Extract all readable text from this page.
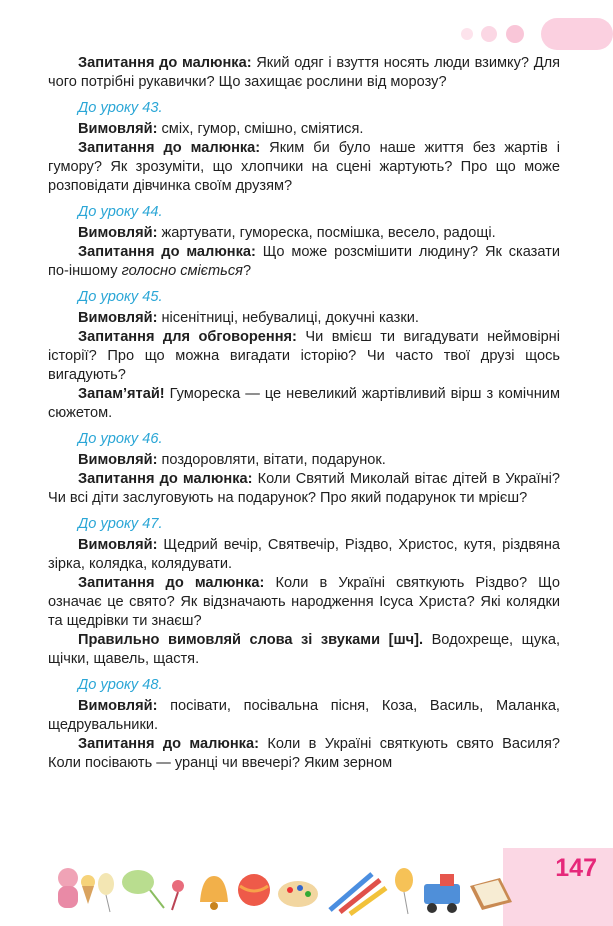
Запитання до малюнка: Який одяг і взуття носять люди взимку? Для чого потрібні рукавички? Що захищає рослини від морозу?

До уроку 43.

Вимовляй: сміх, гумор, смішно, сміятися.

Запитання до малюнка: Яким би було наше життя без жартів і гумору? Як зрозуміти, що хлопчики на сцені жартують? Про що може розповідати дівчинка своїм друзям?

До уроку 44.

Вимовляй: жартувати, гумореска, посмішка, весело, радощі.

Запитання до малюнка: Що може розсмішити людину? Як сказати по-іншому голосно сміється?

До уроку 45.

Вимовляй: нісенітниці, небувалиці, докучні казки.

Запитання для обговорення: Чи вмієш ти вигадувати неймовірні історії? Про що можна вигадати історію? Чи часто твої друзі щось вигадують?

Запам’ятай! Гумореска — це невеликий жартівливий вірш з комічним сюжетом.

До уроку 46.

Вимовляй: поздоровляти, вітати, подарунок.

Запитання до малюнка: Коли Святий Миколай вітає дітей в Україні? Чи всі діти заслуговують на подарунок? Про який подарунок ти мрієш?

До уроку 47.

Вимовляй: Щедрий вечір, Святвечір, Різдво, Христос, кутя, різдвяна зірка, колядка, колядувати.

Запитання до малюнка: Коли в Україні святкують Різдво? Що означає це свято? Як відзначають народження Ісуса Христа? Які колядки та щедрівки ти знаєш?

Правильно вимовляй слова зі звуками [шч]. Водохреще, щука, щічки, щавель, щастя.

До уроку 48.

Вимовляй: посівати, посівальна пісня, Коза, Василь, Маланка, щедрувальники.

Запитання до малюнка: Коли в Україні святкують свято Василя? Коли посівають — уранці чи ввечері? Яким зерном

147
